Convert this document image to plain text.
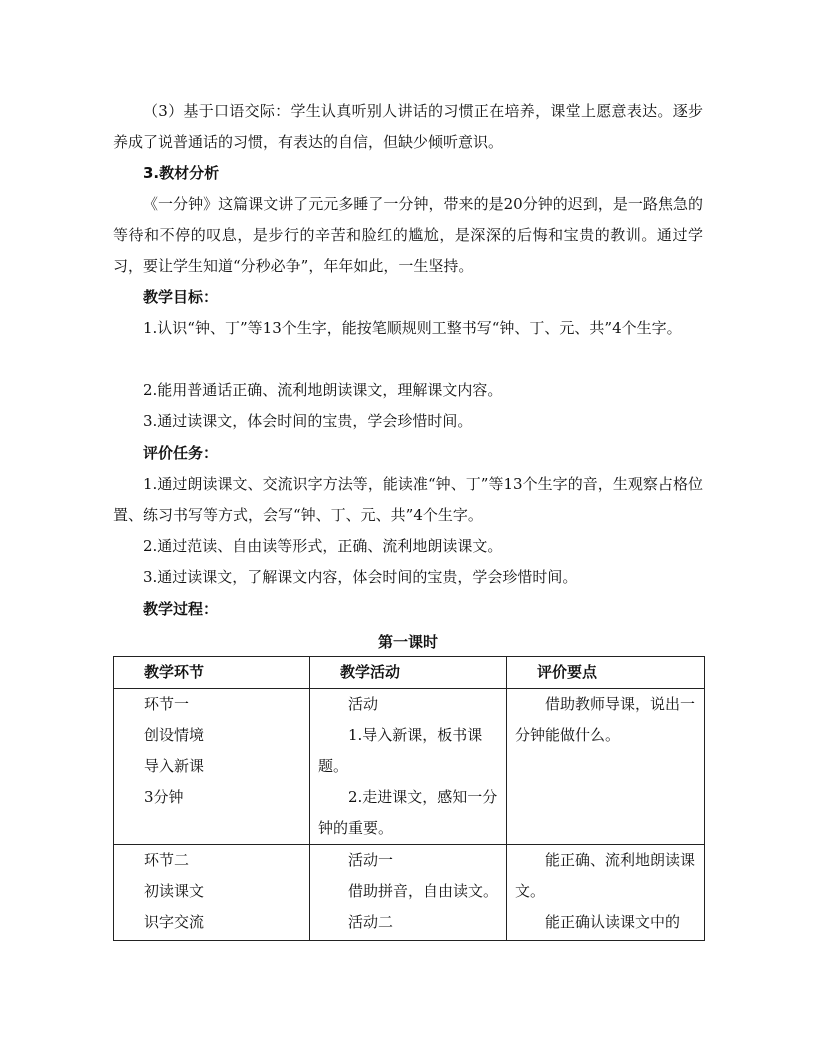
（3）基于口语交际：学生认真听别人讲话的习惯正在培养，课堂上愿意表达。逐步养成了说普通话的习惯，有表达的自信，但缺少倾听意识。

3.教材分析

《一分钟》这篇课文讲了元元多睡了一分钟，带来的是20分钟的迟到，是一路焦急的等待和不停的叹息，是步行的辛苦和脸红的尴尬，是深深的后悔和宝贵的教训。通过学习，要让学生知道“分秒必争”，年年如此，一生坚持。

教学目标：

1.认识“钟、丁”等13个生字，能按笔顺规则工整书写“钟、丁、元、共”4个生字。

2.能用普通话正确、流利地朗读课文，理解课文内容。

3.通过读课文，体会时间的宝贵，学会珍惜时间。

评价任务：

1.通过朗读课文、交流识字方法等，能读准“钟、丁”等13个生字的音，生观察占格位置、练习书写等方式，会写“钟、丁、元、共”4个生字。

2.通过范读、自由读等形式，正确、流利地朗读课文。

3.通过读课文，了解课文内容，体会时间的宝贵，学会珍惜时间。

教学过程：

第一课时
教学环节	教学活动	评价要点

环节一
创设情境
导入新课
3分钟	活动
1.导入新课，板书课题。
2.走进课文，感知一分钟的重要。	借助教师导课，说出一分钟能做什么。

环节二
初读课文
识字交流	活动一
借助拼音，自由读文。
活动二	能正确、流利地朗读课文。
能正确认读课文中的
